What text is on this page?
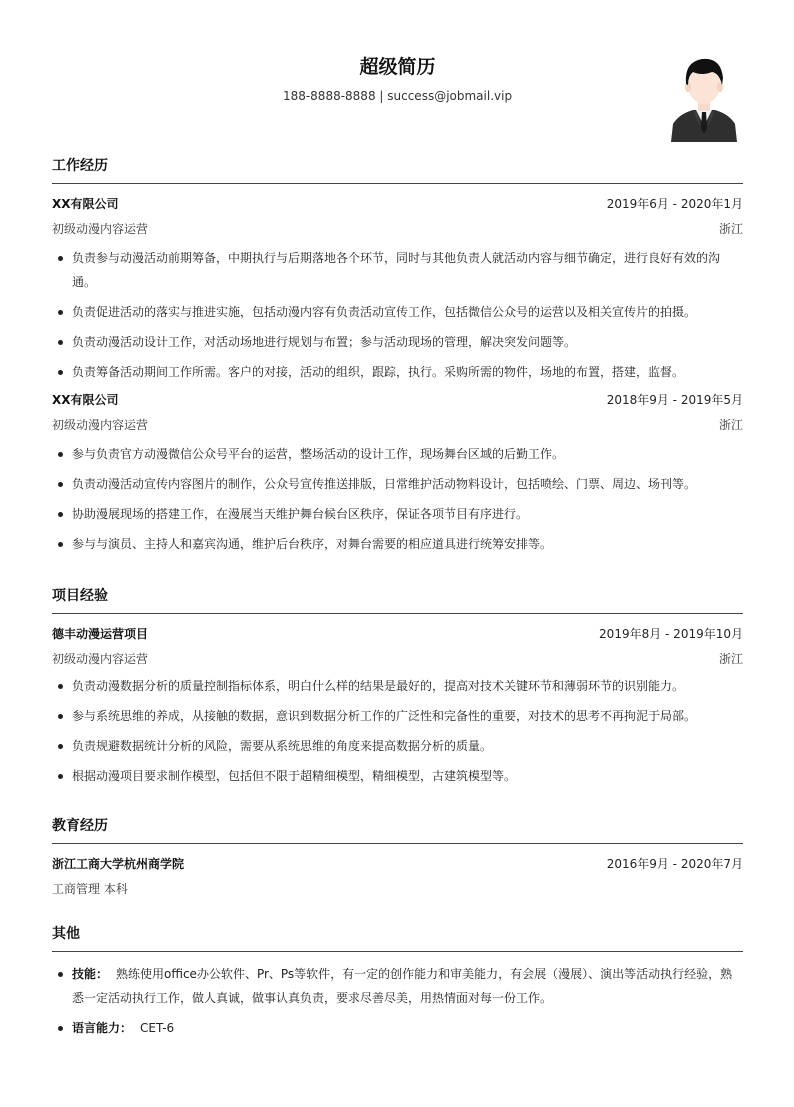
超级简历
188-8888-8888 | success@jobmail.vip
工作经历
XX有限公司	2019年6月 - 2020年1月
初级动漫内容运营	浙江
负责参与动漫活动前期筹备，中期执行与后期落地各个环节，同时与其他负责人就活动内容与细节确定，进行良好有效的沟通。
负责促进活动的落实与推进实施，包括动漫内容有负责活动宣传工作，包括微信公众号的运营以及相关宣传片的拍摄。
负责动漫活动设计工作，对活动场地进行规划与布置；参与活动现场的管理，解决突发问题等。
负责筹备活动期间工作所需。客户的对接，活动的组织，跟踪，执行。采购所需的物件，场地的布置，搭建，监督。
XX有限公司	2018年9月 - 2019年5月
初级动漫内容运营	浙江
参与负责官方动漫微信公众号平台的运营，整场活动的设计工作，现场舞台区域的后勤工作。
负责动漫活动宣传内容图片的制作，公众号宣传推送排版，日常维护活动物料设计，包括喷绘、门票、周边、场刊等。
协助漫展现场的搭建工作，在漫展当天维护舞台候台区秩序，保证各项节目有序进行。
参与与演员、主持人和嘉宾沟通，维护后台秩序，对舞台需要的相应道具进行统筹安排等。
项目经验
德丰动漫运营项目	2019年8月 - 2019年10月
初级动漫内容运营	浙江
负责动漫数据分析的质量控制指标体系，明白什么样的结果是最好的，提高对技术关键环节和薄弱环节的识别能力。
参与系统思维的养成，从接触的数据，意识到数据分析工作的广泛性和完备性的重要，对技术的思考不再拘泥于局部。
负责规避数据统计分析的风险，需要从系统思维的角度来提高数据分析的质量。
根据动漫项目要求制作模型，包括但不限于超精细模型，精细模型，古建筑模型等。
教育经历
浙江工商大学杭州商学院	2016年9月 - 2020年7月
工商管理 本科
其他
技能： 熟练使用office办公软件、Pr、Ps等软件，有一定的创作能力和审美能力，有会展（漫展）、演出等活动执行经验，熟悉一定活动执行工作，做人真诚，做事认真负责，要求尽善尽美，用热情面对每一份工作。
语言能力： CET-6
